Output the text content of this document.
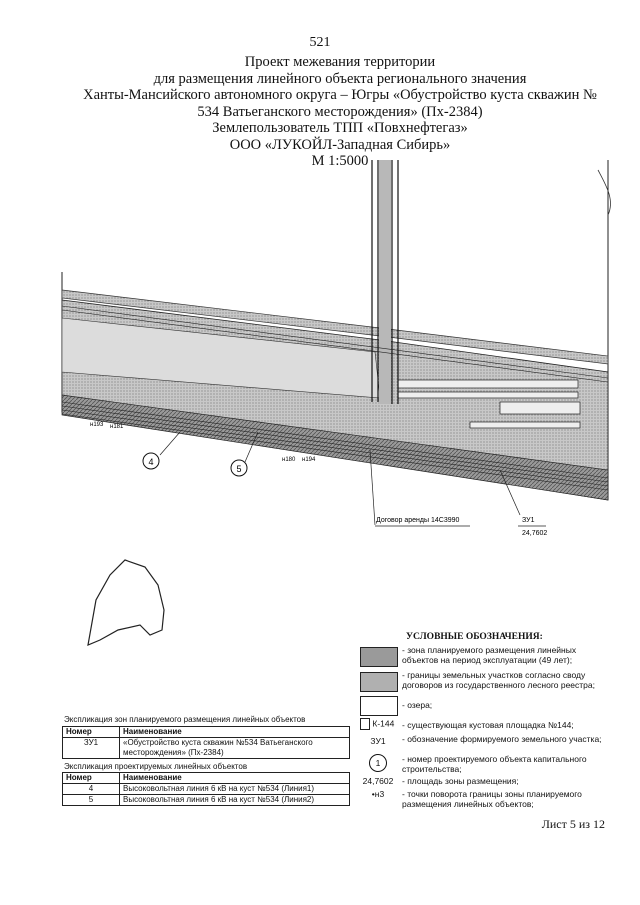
521
Проект межевания территории
для размещения линейного объекта регионального значения
Ханты-Мансийского автономного округа – Югры «Обустройство куста скважин №
534 Ватьеганского месторождения» (Пх-2384)
Землепользователь ТПП «Повхнефтегаз»
ООО «ЛУКОЙЛ-Западная Сибирь»
М 1:5000
4
5
н193 н181
н180 н194
Договор аренды 14С3990	ЗУ1
24,7602
УСЛОВНЫЕ ОБОЗНАЧЕНИЯ:
- зона планируемого размещения линейных объектов на период эксплуатации (49 лет);
- границы земельных участков согласно своду договоров из государственного лесного реестра;
- озера;
К-144 - существующая кустовая площадка №144;
ЗУ1	- обозначение формируемого земельного участка;
1	- номер проектируемого объекта капитального строительства;
24,7602	- площадь зоны размещения;
•н3	- точки поворота границы зоны планируемого размещения линейных объектов;
Экспликация зон планируемого размещения линейных объектов
Номер	Наименование
ЗУ1	«Обустройство куста скважин №534 Ватьеганского месторождения» (Пх-2384)
Экспликация проектируемых линейных объектов
Номер	Наименование
4	Высоковольтная линия 6 кВ на куст №534 (Линия1)
5	Высоковольтная линия 6 кВ на куст №534 (Линия2)
Лист 5 из 12
